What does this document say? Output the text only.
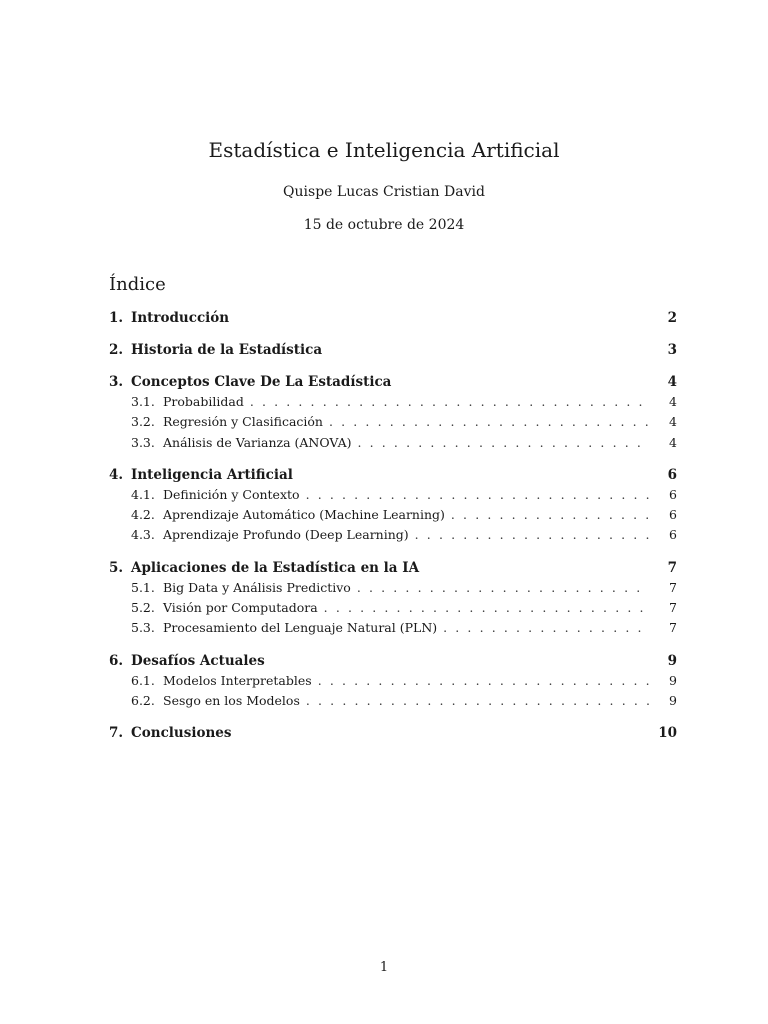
Estadística e Inteligencia Artificial
Quispe Lucas Cristian David
15 de octubre de 2024
Índice
1. Introducción	2
2. Historia de la Estadística	3
3. Conceptos Clave De La Estadística	4
3.1. Probabilidad . . .	4
3.2. Regresión y Clasificación . . .	4
3.3. Análisis de Varianza (ANOVA) . . .	4
4. Inteligencia Artificial	6
4.1. Definición y Contexto . . .	6
4.2. Aprendizaje Automático (Machine Learning) . . .	6
4.3. Aprendizaje Profundo (Deep Learning) . . .	6
5. Aplicaciones de la Estadística en la IA	7
5.1. Big Data y Análisis Predictivo . . .	7
5.2. Visión por Computadora . . .	7
5.3. Procesamiento del Lenguaje Natural (PLN) . . .	7
6. Desafíos Actuales	9
6.1. Modelos Interpretables . . .	9
6.2. Sesgo en los Modelos . . .	9
7. Conclusiones	10
1
